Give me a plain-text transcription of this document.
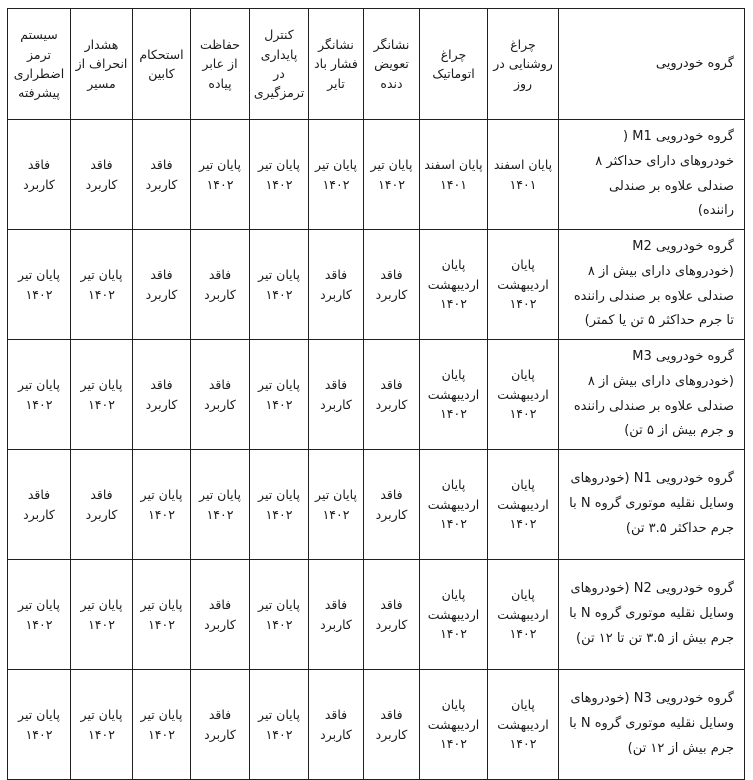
گروه خودرویی	چراغ روشنایی در روز	چراغ اتوماتیک	نشانگر تعویض دنده	نشانگر فشار باد تایر	کنترل پایداری در ترمزگیری	حفاظت از عابر پیاده	استحکام کابین	هشدار انحراف از مسیر	سیستم ترمز اضطراری پیشرفته
گروه خودرویی M1 ( خودروهای دارای حداکثر ۸ صندلی علاوه بر صندلی راننده)	پایان اسفند ۱۴۰۱	پایان اسفند ۱۴۰۱	پایان تیر ۱۴۰۲	پایان تیر ۱۴۰۲	پایان تیر ۱۴۰۲	پایان تیر ۱۴۰۲	فاقد کاربرد	فاقد کاربرد	فاقد کاربرد
گروه خودرویی M2 (خودروهای دارای بیش از ۸ صندلی علاوه بر صندلی راننده تا جرم حداکثر ۵ تن یا کمتر)	پایان اردیبهشت ۱۴۰۲	پایان اردیبهشت ۱۴۰۲	فاقد کاربرد	فاقد کاربرد	پایان تیر ۱۴۰۲	فاقد کاربرد	فاقد کاربرد	پایان تیر ۱۴۰۲	پایان تیر ۱۴۰۲
گروه خودرویی M3 (خودروهای دارای بیش از ۸ صندلی علاوه بر صندلی راننده و جرم بیش از ۵ تن)	پایان اردیبهشت ۱۴۰۲	پایان اردیبهشت ۱۴۰۲	فاقد کاربرد	فاقد کاربرد	پایان تیر ۱۴۰۲	فاقد کاربرد	فاقد کاربرد	پایان تیر ۱۴۰۲	پایان تیر ۱۴۰۲
گروه خودرویی N1 (خودروهای وسایل نقلیه موتوری گروه N با جرم حداکثر ۳.۵ تن)	پایان اردیبهشت ۱۴۰۲	پایان اردیبهشت ۱۴۰۲	فاقد کاربرد	پایان تیر ۱۴۰۲	پایان تیر ۱۴۰۲	پایان تیر ۱۴۰۲	پایان تیر ۱۴۰۲	فاقد کاربرد	فاقد کاربرد
گروه خودرویی N2 (خودروهای وسایل نقلیه موتوری گروه N با جرم بیش از ۳.۵ تن تا ۱۲ تن)	پایان اردیبهشت ۱۴۰۲	پایان اردیبهشت ۱۴۰۲	فاقد کاربرد	فاقد کاربرد	پایان تیر ۱۴۰۲	فاقد کاربرد	پایان تیر ۱۴۰۲	پایان تیر ۱۴۰۲	پایان تیر ۱۴۰۲
گروه خودرویی N3 (خودروهای وسایل نقلیه موتوری گروه N با جرم بیش از ۱۲ تن)	پایان اردیبهشت ۱۴۰۲	پایان اردیبهشت ۱۴۰۲	فاقد کاربرد	فاقد کاربرد	پایان تیر ۱۴۰۲	فاقد کاربرد	پایان تیر ۱۴۰۲	پایان تیر ۱۴۰۲	پایان تیر ۱۴۰۲
